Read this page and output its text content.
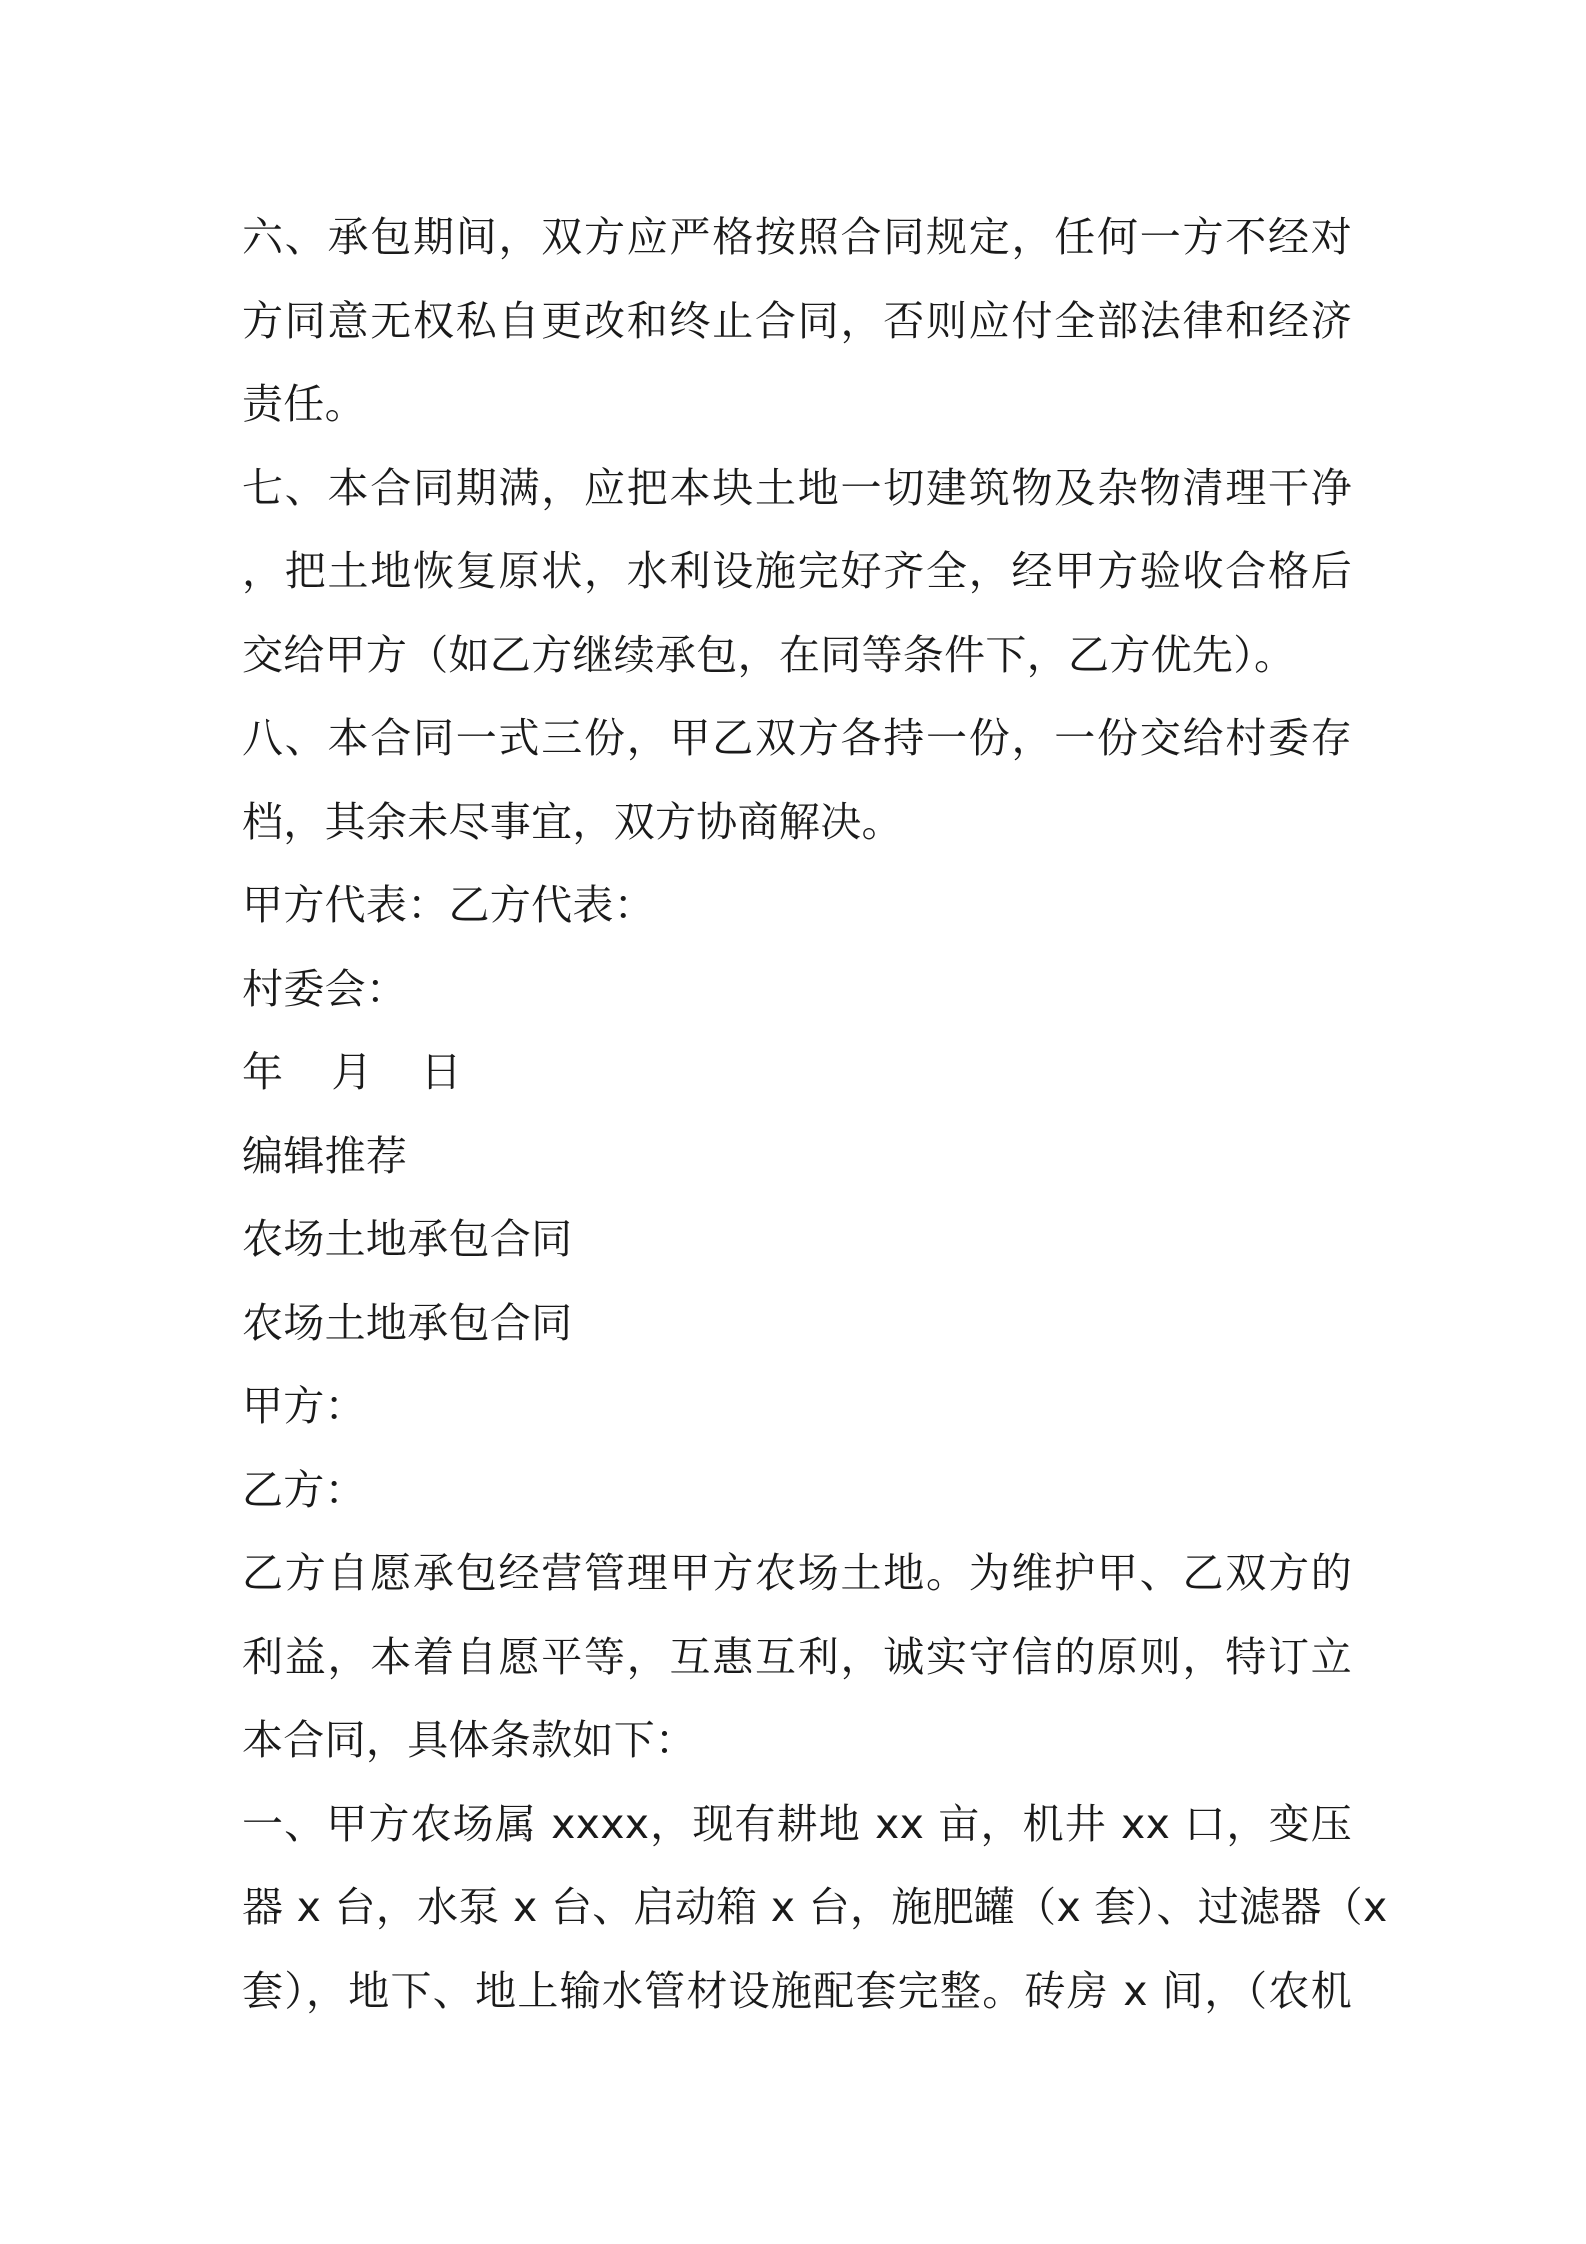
六、承包期间，双方应严格按照合同规定，任何一方不经对
方同意无权私自更改和终止合同，否则应付全部法律和经济
责任。
七、本合同期满，应把本块土地一切建筑物及杂物清理干净
，把土地恢复原状，水利设施完好齐全，经甲方验收合格后
交给甲方（如乙方继续承包，在同等条件下，乙方优先）。
八、本合同一式三份，甲乙双方各持一份，一份交给村委存
档，其余未尽事宜，双方协商解决。
甲方代表：乙方代表：
村委会：
年 月 日
编辑推荐
农场土地承包合同
农场土地承包合同
甲方：
乙方：
乙方自愿承包经营管理甲方农场土地。为维护甲、乙双方的
利益，本着自愿平等，互惠互利，诚实守信的原则，特订立
本合同，具体条款如下：
一、甲方农场属 xxxx，现有耕地 xx 亩，机井 xx 口，变压
器 x 台，水泵 x 台、启动箱 x 台，施肥罐（x 套）、过滤器（x
套），地下、地上输水管材设施配套完整。砖房 x 间，（农机
